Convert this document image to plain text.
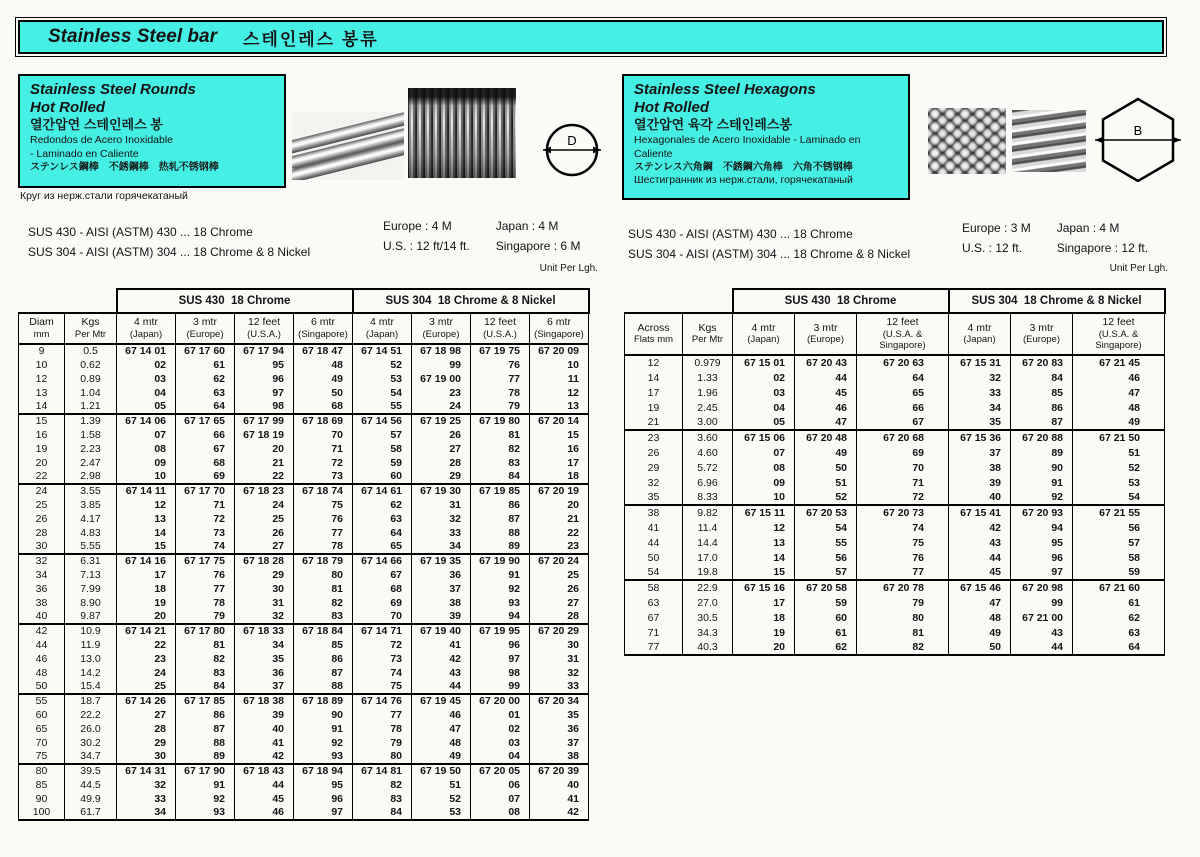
Stainless Steel bar 스테인레스 봉류
Stainless Steel Rounds
Hot Rolled
열간압연 스테인레스 봉
Redondos de Acero Inoxidable
- Laminado en Caliente
ステンレス鋼棒　不銹鋼棒　热轧不锈钢棒
Круг из нерж.стали горячекатаный
D
Stainless Steel Hexagons
Hot Rolled
열간압연 육각 스테인레스봉
Hexagonales de Acero Inoxidable - Laminado en Caliente
ステンレス六角鋼　不銹鋼六角棒　六角不锈钢棒
Шестигранник из нерж.стали, горячекатаный
B
SUS 430 - AISI (ASTM) 430 ... 18 Chrome
SUS 304 - AISI (ASTM) 304 ... 18 Chrome & 8 Nickel
Europe : 4 M	Japan : 4 M
U.S. : 12 ft/14 ft. Singapore : 6 M
Unit Per Lgh.
SUS 430 - AISI (ASTM) 430 ... 18 Chrome
SUS 304 - AISI (ASTM) 304 ... 18 Chrome & 8 Nickel
Europe : 3 M Japan : 4 M
U.S. : 12 ft.	Singapore : 12 ft.
Unit Per Lgh.
		SUS 430  18 Chrome				SUS 304  18 Chrome & 8 Nickel			

Diam
mm

Kgs
Per Mtr

4 mtr
(Japan)

3 mtr
(Europe)

12 feet
(U.S.A.)

6 mtr
(Singapore)

4 mtr
(Japan)

3 mtr
(Europe)

12 feet
(U.S.A.)

6 mtr
(Singapore)

9	0.5	67 14 01	67 17 60	67 17 94	67 18 47	67 14 51	67 18 98	67 19 75	67 20 09
10	0.62	02	61	95	48	52	99	76	10
12	0.89	03	62	96	49	53	67 19 00	77	11
13	1.04	04	63	97	50	54	23	78	12
14	1.21	05	64	98	68	55	24	79	13
15	1.39	67 14 06	67 17 65	67 17 99	67 18 69	67 14 56	67 19 25	67 19 80	67 20 14
16	1.58	07	66	67 18 19	70	57	26	81	15
19	2.23	08	67	20	71	58	27	82	16
20	2.47	09	68	21	72	59	28	83	17
22	2.98	10	69	22	73	60	29	84	18
24	3.55	67 14 11	67 17 70	67 18 23	67 18 74	67 14 61	67 19 30	67 19 85	67 20 19
25	3.85	12	71	24	75	62	31	86	20
26	4.17	13	72	25	76	63	32	87	21
28	4.83	14	73	26	77	64	33	88	22
30	5.55	15	74	27	78	65	34	89	23
32	6.31	67 14 16	67 17 75	67 18 28	67 18 79	67 14 66	67 19 35	67 19 90	67 20 24
34	7.13	17	76	29	80	67	36	91	25
36	7.99	18	77	30	81	68	37	92	26
38	8.90	19	78	31	82	69	38	93	27
40	9.87	20	79	32	83	70	39	94	28
42	10.9	67 14 21	67 17 80	67 18 33	67 18 84	67 14 71	67 19 40	67 19 95	67 20 29
44	11.9	22	81	34	85	72	41	96	30
46	13.0	23	82	35	86	73	42	97	31
48	14.2	24	83	36	87	74	43	98	32
50	15.4	25	84	37	88	75	44	99	33
55	18.7	67 14 26	67 17 85	67 18 38	67 18 89	67 14 76	67 19 45	67 20 00	67 20 34
60	22.2	27	86	39	90	77	46	01	35
65	26.0	28	87	40	91	78	47	02	36
70	30.2	29	88	41	92	79	48	03	37
75	34.7	30	89	42	93	80	49	04	38
80	39.5	67 14 31	67 17 90	67 18 43	67 18 94	67 14 81	67 19 50	67 20 05	67 20 39
85	44.5	32	91	44	95	82	51	06	40
90	49.9	33	92	45	96	83	52	07	41
100	61.7	34	93	46	97	84	53	08	42
		SUS 430  18 Chrome			SUS 304  18 Chrome & 8 Nickel		

Across
Flats mm

Kgs
Per Mtr

4 mtr
(Japan)

3 mtr
(Europe)

12 feet
(U.S.A. &
Singapore)

4 mtr
(Japan)

3 mtr
(Europe)

12 feet
(U.S.A. &
Singapore)

12	0.979	67 15 01	67 20 43	67 20 63	67 15 31	67 20 83	67 21 45
14	1.33	02	44	64	32	84	46
17	1.96	03	45	65	33	85	47
19	2.45	04	46	66	34	86	48
21	3.00	05	47	67	35	87	49
23	3.60	67 15 06	67 20 48	67 20 68	67 15 36	67 20 88	67 21 50
26	4.60	07	49	69	37	89	51
29	5.72	08	50	70	38	90	52
32	6.96	09	51	71	39	91	53
35	8.33	10	52	72	40	92	54
38	9.82	67 15 11	67 20 53	67 20 73	67 15 41	67 20 93	67 21 55
41	11.4	12	54	74	42	94	56
44	14.4	13	55	75	43	95	57
50	17.0	14	56	76	44	96	58
54	19.8	15	57	77	45	97	59
58	22.9	67 15 16	67 20 58	67 20 78	67 15 46	67 20 98	67 21 60
63	27.0	17	59	79	47	99	61
67	30.5	18	60	80	48	67 21 00	62
71	34.3	19	61	81	49	43	63
77	40.3	20	62	82	50	44	64
